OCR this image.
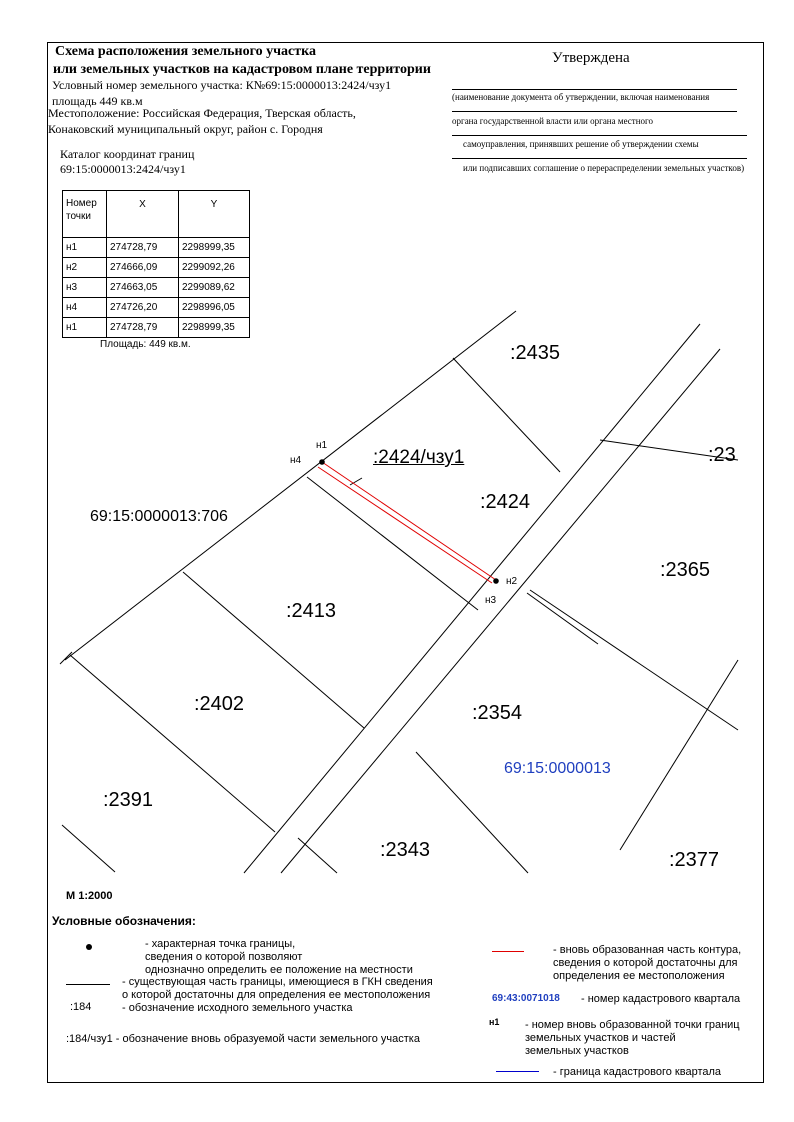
Схема расположения земельного участка
или земельных участков на кадастровом плане территории
Утверждена
Условный номер земельного участка: К№69:15:0000013:2424/чзу1
площадь 449 кв.м
Местоположение: Российская Федерация, Тверская область,
Конаковский муниципальный округ, район с. Городня
(наименование документа об утверждении, включая наименования
органа государственной власти или органа местного
самоуправления, принявших решение об утверждении схемы
или подписавших соглашение о перераспределении земельных участков)
Каталог координат границ
69:15:0000013:2424/чзу1
Номер точки	X	Y
н1	274728,79	2298999,35
н2	274666,09	2299092,26
н3	274663,05	2299089,62
н4	274726,20	2298996,05
н1	274728,79	2298999,35
Площадь: 449 кв.м.	:2435
:23
:2424/чзу1
:2424
:2365
69:15:0000013:706
:2413
:2402	:2354
69:15:0000013
:2391
:2343	:2377
н1
н4
н2
н3
М 1:2000
Условные обозначения:
- характерная точка границы,
сведения о которой позволяют
однозначно определить ее положение на местности
- существующая часть границы, имеющиеся в ГКН сведения
о которой достаточны для определения ее местоположения
:184	- обозначение исходного земельного участка
:184/чзу1 - обозначение вновь образуемой части земельного участка
- вновь образованная часть контура,
сведения о которой достаточны для
определения ее местоположения
69:43:0071018 - номер кадастрового квартала
н1 - номер вновь образованной точки границ
земельных участков и частей
земельных участков
- граница кадастрового квартала
